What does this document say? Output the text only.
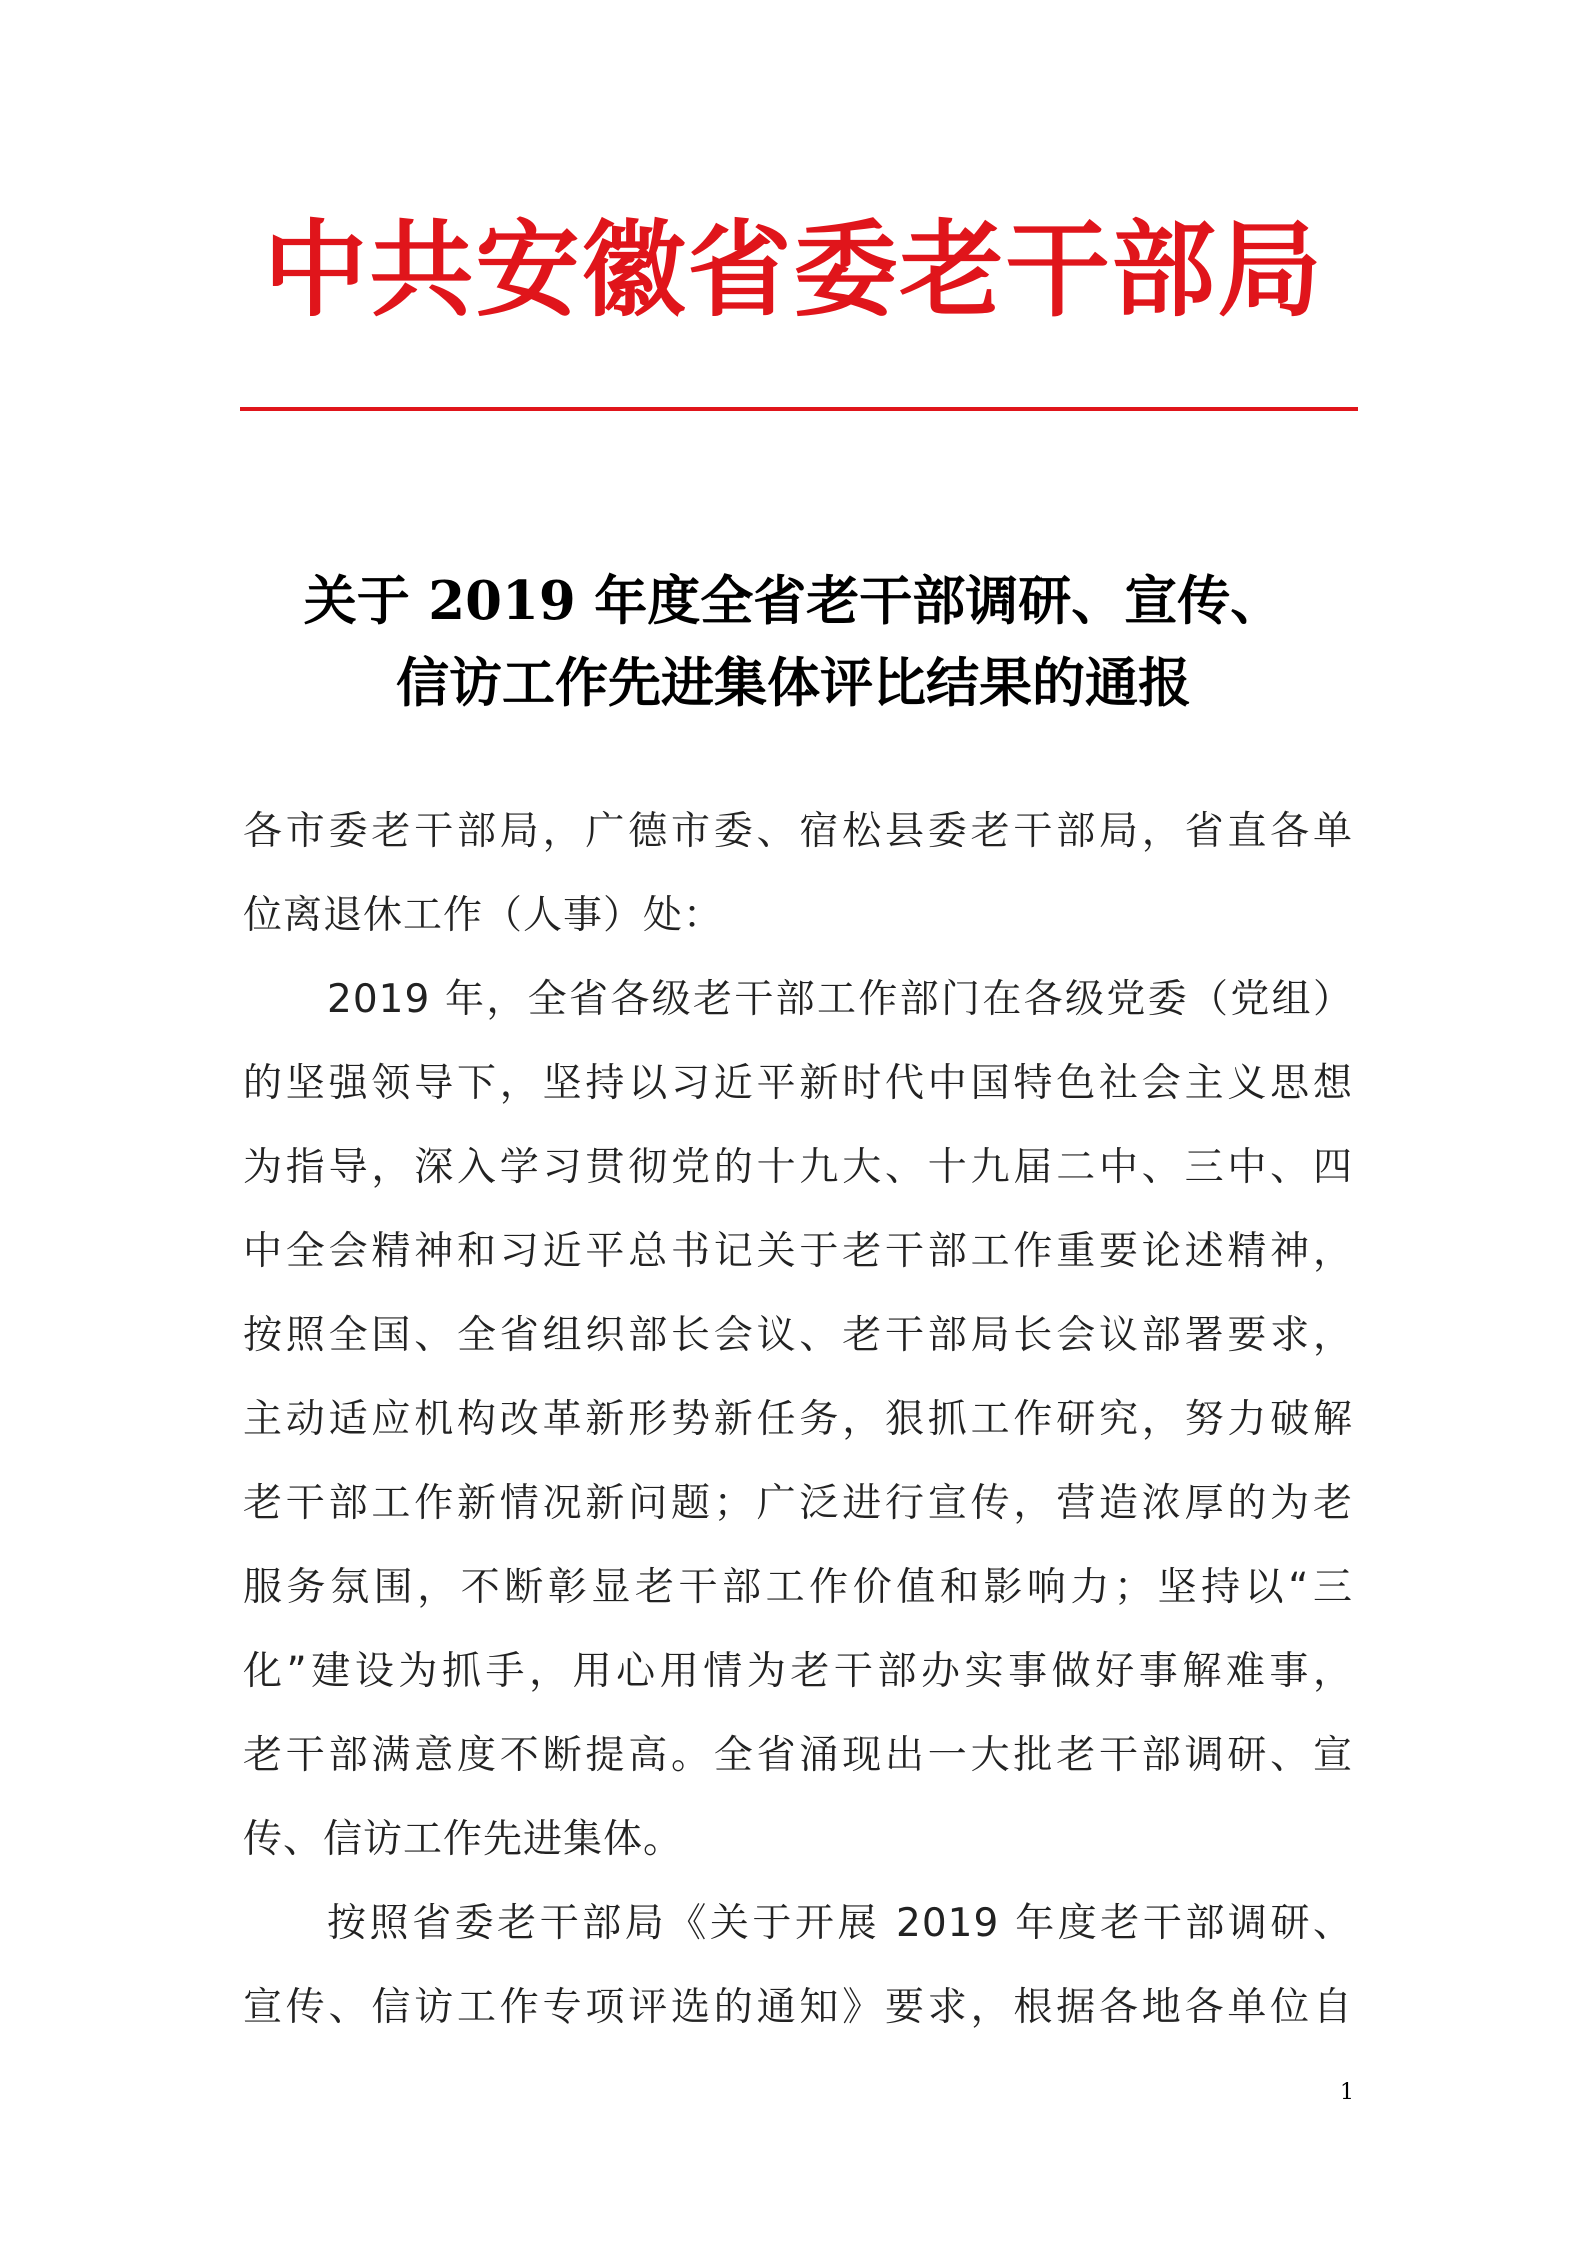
中共安徽省委老干部局
关于 2019 年度全省老干部调研、宣传、
信访工作先进集体评比结果的通报
各市委老干部局，广德市委、宿松县委老干部局，省直各单
位离退休工作（人事）处：
2019 年，全省各级老干部工作部门在各级党委（党组）
的坚强领导下，坚持以习近平新时代中国特色社会主义思想
为指导，深入学习贯彻党的十九大、十九届二中、三中、四
中全会精神和习近平总书记关于老干部工作重要论述精神，
按照全国、全省组织部长会议、老干部局长会议部署要求，
主动适应机构改革新形势新任务，狠抓工作研究，努力破解
老干部工作新情况新问题；广泛进行宣传，营造浓厚的为老
服务氛围，不断彰显老干部工作价值和影响力；坚持以“三
化”建设为抓手，用心用情为老干部办实事做好事解难事，
老干部满意度不断提高。全省涌现出一大批老干部调研、宣
传、信访工作先进集体。
按照省委老干部局《关于开展 2019 年度老干部调研、
宣传、信访工作专项评选的通知》要求，根据各地各单位自
1
